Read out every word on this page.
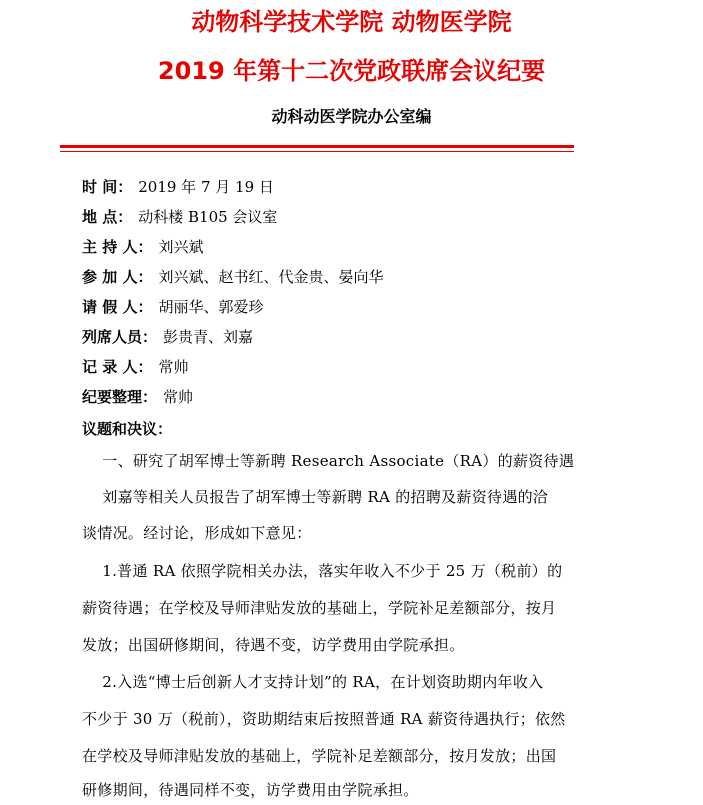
动物科学技术学院 动物医学院
2019 年第十二次党政联席会议纪要
动科动医学院办公室编
时 间： 2019 年 7 月 19 日
地 点： 动科楼 B105 会议室
主 持 人： 刘兴斌
参 加 人： 刘兴斌、赵书红、代金贵、晏向华
请 假 人： 胡丽华、郭爱珍
列席人员： 彭贵青、刘嘉
记 录 人： 常帅
纪要整理： 常帅
议题和决议：
一、研究了胡军博士等新聘 Research Associate（RA）的薪资待遇
刘嘉等相关人员报告了胡军博士等新聘 RA 的招聘及薪资待遇的洽
谈情况。经讨论，形成如下意见：
1.普通 RA 依照学院相关办法，落实年收入不少于 25 万（税前）的
薪资待遇；在学校及导师津贴发放的基础上，学院补足差额部分，按月
发放；出国研修期间，待遇不变，访学费用由学院承担。
2.入选“博士后创新人才支持计划”的 RA，在计划资助期内年收入
不少于 30 万（税前），资助期结束后按照普通 RA 薪资待遇执行；依然
在学校及导师津贴发放的基础上，学院补足差额部分，按月发放；出国
研修期间，待遇同样不变，访学费用由学院承担。
